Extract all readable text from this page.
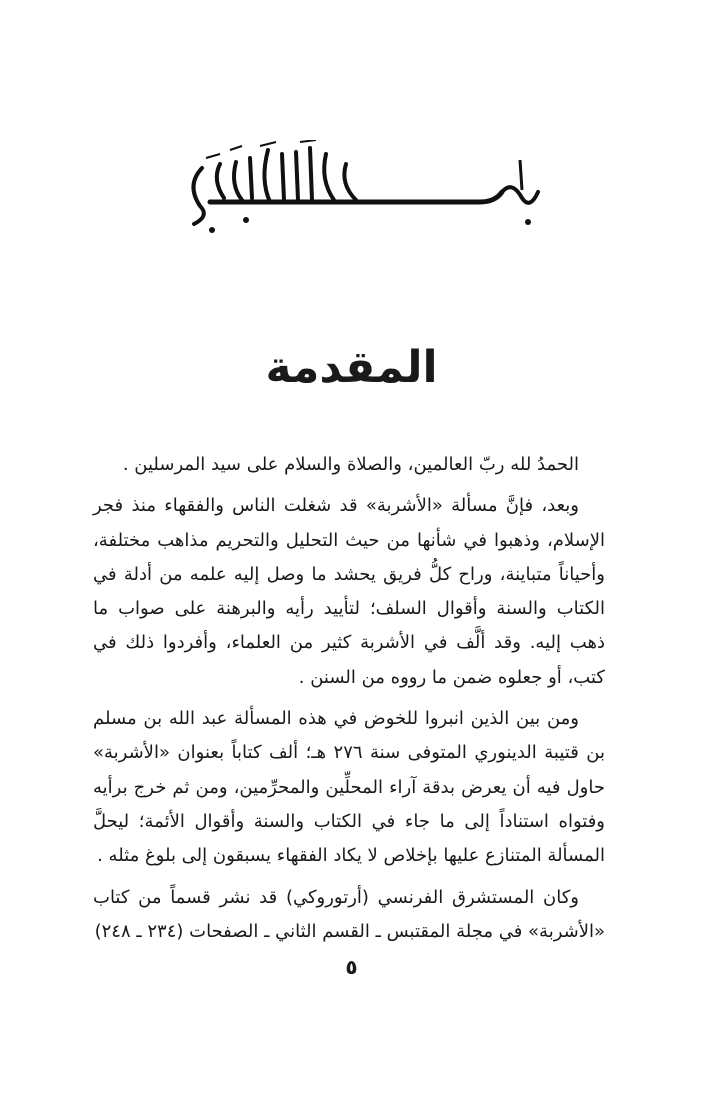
المقدمة

الحمدُ لله ربّ العالمين، والصلاة والسلام على سيد المرسلين .

وبعد، فإنَّ مسألة «الأشربة» قد شغلت الناس والفقهاء منذ فجر الإسلام، وذهبوا في شأنها من حيث التحليل والتحريم مذاهب مختلفة، وأحياناً متباينة، وراح كلُّ فريق يحشد ما وصل إليه علمه من أدلة في الكتاب والسنة وأقوال السلف؛ لتأييد رأيه والبرهنة على صواب ما ذهب إليه. وقد ألَّف في الأشربة كثير من العلماء، وأفردوا ذلك في كتب، أو جعلوه ضمن ما رووه من السنن .

ومن بين الذين انبروا للخوض في هذه المسألة عبد الله بن مسلم بن قتيبة الدينوري المتوفى سنة ٢٧٦ هـ؛ ألف كتاباً بعنوان «الأشربة» حاول فيه أن يعرض بدقة آراء المحلِّين والمحرِّمين، ومن ثم خرج برأيه وفتواه استناداً إلى ما جاء في الكتاب والسنة وأقوال الأئمة؛ ليحلَّ المسألة المتنازع عليها بإخلاص لا يكاد الفقهاء يسبقون إلى بلوغ مثله .

وكان المستشرق الفرنسي (أرتوروكي) قد نشر قسماً من كتاب «الأشربة» في مجلة المقتبس ـ القسم الثاني ـ الصفحات (٢٣٤ ـ ٢٤٨)

٥
